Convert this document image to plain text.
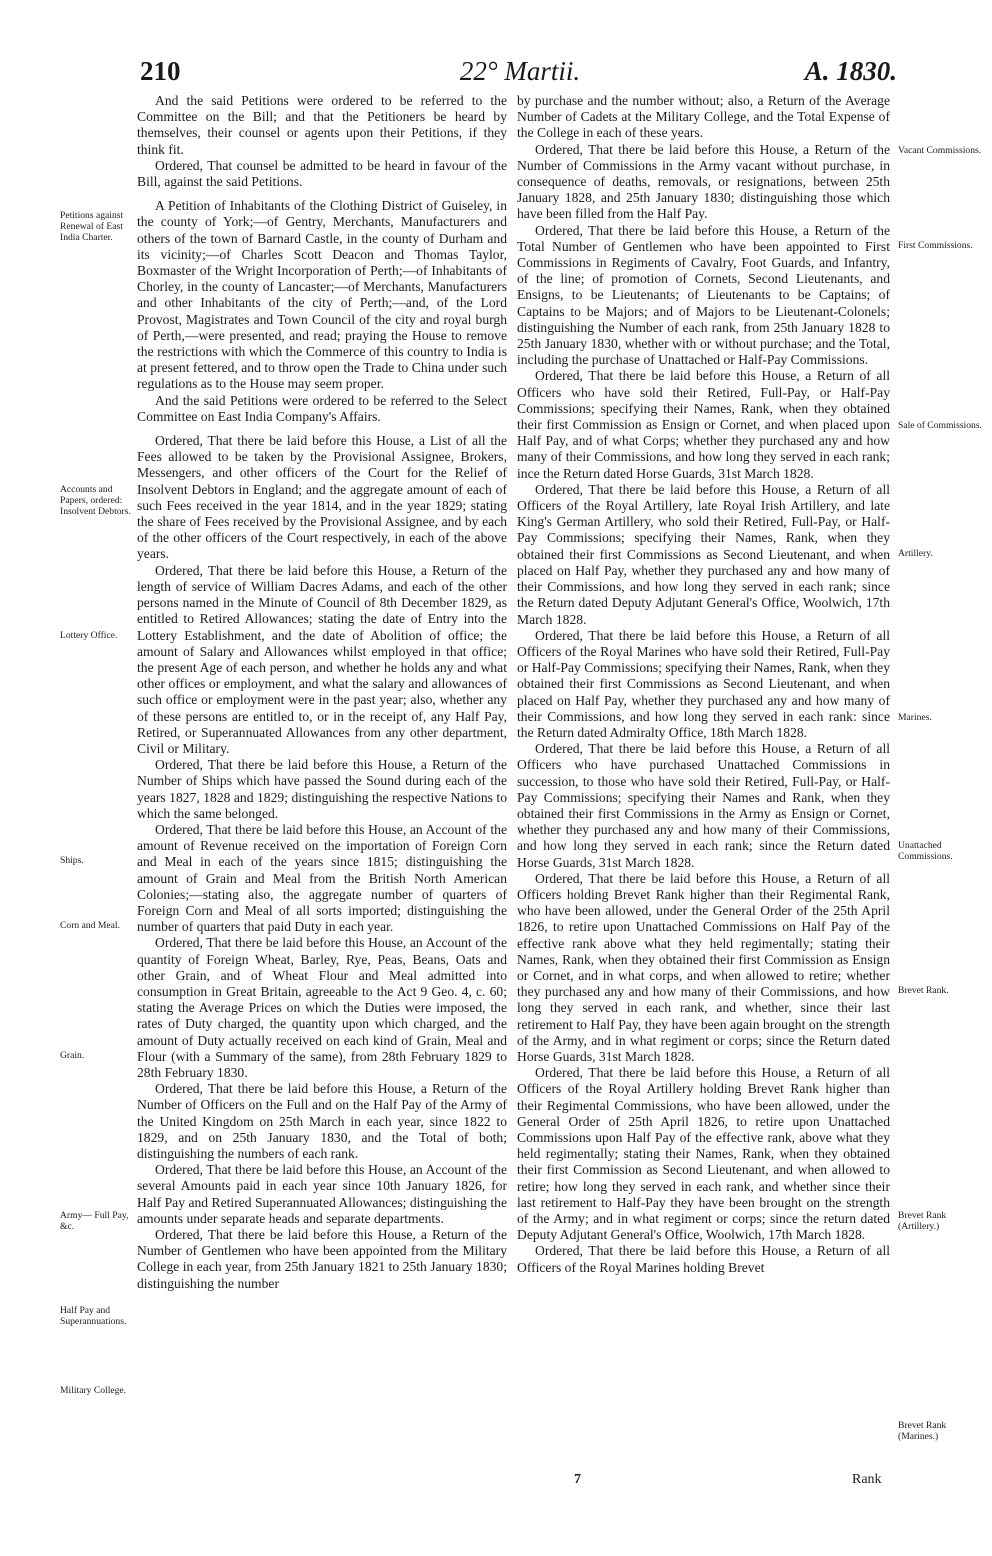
210	22° Martii.	A. 1830.

And the said Petitions were ordered to be referred to the Committee on the Bill; and that the Petitioners be heard by themselves, their counsel or agents upon their Petitions, if they think fit.

Ordered, That counsel be admitted to be heard in favour of the Bill, against the said Petitions.

A Petition of Inhabitants of the Clothing District of Guiseley, in the county of York;—of Gentry, Merchants, Manufacturers and others of the town of Barnard Castle, in the county of Durham and its vicinity;—of Charles Scott Deacon and Thomas Taylor, Boxmaster of the Wright Incorporation of Perth;—of Inhabitants of Chorley, in the county of Lancaster;—of Merchants, Manufacturers and other Inhabitants of the city of Perth;—and, of the Lord Provost, Magistrates and Town Council of the city and royal burgh of Perth,—were presented, and read; praying the House to remove the restrictions with which the Commerce of this country to India is at present fettered, and to throw open the Trade to China under such regulations as to the House may seem proper.

And the said Petitions were ordered to be referred to the Select Committee on East India Company's Affairs.

Ordered, That there be laid before this House, a List of all the Fees allowed to be taken by the Provisional Assignee, Brokers, Messengers, and other officers of the Court for the Relief of Insolvent Debtors in England; and the aggregate amount of each of such Fees received in the year 1814, and in the year 1829; stating the share of Fees received by the Provisional Assignee, and by each of the other officers of the Court respectively, in each of the above years.

Ordered, That there be laid before this House, a Return of the length of service of William Dacres Adams, and each of the other persons named in the Minute of Council of 8th December 1829, as entitled to Retired Allowances; stating the date of Entry into the Lottery Establishment, and the date of Abolition of office; the amount of Salary and Allowances whilst employed in that office; the present Age of each person, and whether he holds any and what other offices or employment, and what the salary and allowances of such office or employment were in the past year; also, whether any of these persons are entitled to, or in the receipt of, any Half Pay, Retired, or Superannuated Allowances from any other department, Civil or Military.

Ordered, That there be laid before this House, a Return of the Number of Ships which have passed the Sound during each of the years 1827, 1828 and 1829; distinguishing the respective Nations to which the same belonged.

Ordered, That there be laid before this House, an Account of the amount of Revenue received on the importation of Foreign Corn and Meal in each of the years since 1815; distinguishing the amount of Grain and Meal from the British North American Colonies;—stating also, the aggregate number of quarters of Foreign Corn and Meal of all sorts imported; distinguishing the number of quarters that paid Duty in each year.

Ordered, That there be laid before this House, an Account of the quantity of Foreign Wheat, Barley, Rye, Peas, Beans, Oats and other Grain, and of Wheat Flour and Meal admitted into consumption in Great Britain, agreeable to the Act 9 Geo. 4, c. 60; stating the Average Prices on which the Duties were imposed, the rates of Duty charged, the quantity upon which charged, and the amount of Duty actually received on each kind of Grain, Meal and Flour (with a Summary of the same), from 28th February 1829 to 28th February 1830.

Ordered, That there be laid before this House, a Return of the Number of Officers on the Full and on the Half Pay of the Army of the United Kingdom on 25th March in each year, since 1822 to 1829, and on 25th January 1830, and the Total of both; distinguishing the numbers of each rank.

Ordered, That there be laid before this House, an Account of the several Amounts paid in each year since 10th January 1826, for Half Pay and Retired Superannuated Allowances; distinguishing the amounts under separate heads and separate departments.

Ordered, That there be laid before this House, a Return of the Number of Gentlemen who have been appointed from the Military College in each year, from 25th January 1821 to 25th January 1830; distinguishing the number

by purchase and the number without; also, a Return of the Average Number of Cadets at the Military College, and the Total Expense of the College in each of these years.

Ordered, That there be laid before this House, a Return of the Number of Commissions in the Army vacant without purchase, in consequence of deaths, removals, or resignations, between 25th January 1828, and 25th January 1830; distinguishing those which have been filled from the Half Pay.

Ordered, That there be laid before this House, a Return of the Total Number of Gentlemen who have been appointed to First Commissions in Regiments of Cavalry, Foot Guards, and Infantry, of the line; of promotion of Cornets, Second Lieutenants, and Ensigns, to be Lieutenants; of Lieutenants to be Captains; of Captains to be Majors; and of Majors to be Lieutenant-Colonels; distinguishing the Number of each rank, from 25th January 1828 to 25th January 1830, whether with or without purchase; and the Total, including the purchase of Unattached or Half-Pay Commissions.

Ordered, That there be laid before this House, a Return of all Officers who have sold their Retired, Full-Pay, or Half-Pay Commissions; specifying their Names, Rank, when they obtained their first Commission as Ensign or Cornet, and when placed upon Half Pay, and of what Corps; whether they purchased any and how many of their Commissions, and how long they served in each rank; ince the Return dated Horse Guards, 31st March 1828.

Ordered, That there be laid before this House, a Return of all Officers of the Royal Artillery, late Royal Irish Artillery, and late King's German Artillery, who sold their Retired, Full-Pay, or Half-Pay Commissions; specifying their Names, Rank, when they obtained their first Commissions as Second Lieutenant, and when placed on Half Pay, whether they purchased any and how many of their Commissions, and how long they served in each rank; since the Return dated Deputy Adjutant General's Office, Woolwich, 17th March 1828.

Ordered, That there be laid before this House, a Return of all Officers of the Royal Marines who have sold their Retired, Full-Pay or Half-Pay Commissions; specifying their Names, Rank, when they obtained their first Commissions as Second Lieutenant, and when placed on Half Pay, whether they purchased any and how many of their Commissions, and how long they served in each rank: since the Return dated Admiralty Office, 18th March 1828.

Ordered, That there be laid before this House, a Return of all Officers who have purchased Unattached Commissions in succession, to those who have sold their Retired, Full-Pay, or Half-Pay Commissions; specifying their Names and Rank, when they obtained their first Commissions in the Army as Ensign or Cornet, whether they purchased any and how many of their Commissions, and how long they served in each rank; since the Return dated Horse Guards, 31st March 1828.

Ordered, That there be laid before this House, a Return of all Officers holding Brevet Rank higher than their Regimental Rank, who have been allowed, under the General Order of the 25th April 1826, to retire upon Unattached Commissions on Half Pay of the effective rank above what they held regimentally; stating their Names, Rank, when they obtained their first Commission as Ensign or Cornet, and in what corps, and when allowed to retire; whether they purchased any and how many of their Commissions, and how long they served in each rank, and whether, since their last retirement to Half Pay, they have been again brought on the strength of the Army, and in what regiment or corps; since the Return dated Horse Guards, 31st March 1828.

Ordered, That there be laid before this House, a Return of all Officers of the Royal Artillery holding Brevet Rank higher than their Regimental Commissions, who have been allowed, under the General Order of 25th April 1826, to retire upon Unattached Commissions upon Half Pay of the effective rank, above what they held regimentally; stating their Names, Rank, when they obtained their first Commission as Second Lieutenant, and when allowed to retire; how long they served in each rank, and whether since their last retirement to Half-Pay they have been brought on the strength of the Army; and in what regiment or corps; since the return dated Deputy Adjutant General's Office, Woolwich, 17th March 1828.

Ordered, That there be laid before this House, a Return of all Officers of the Royal Marines holding Brevet

Petitions against Renewal of East India Charter.
Accounts and Papers, ordered: Insolvent Debtors.
Lottery Office.
Ships.
Corn and Meal.
Grain.
Army— Full Pay, &c.
Half Pay and Superannuations.
Military College.
Vacant Commissions.
First Commissions.
Sale of Commissions.
Artillery.
Marines.
Unattached Commissions.
Brevet Rank.
Brevet Rank (Artillery.)
Brevet Rank (Marines.)
7	Rank
